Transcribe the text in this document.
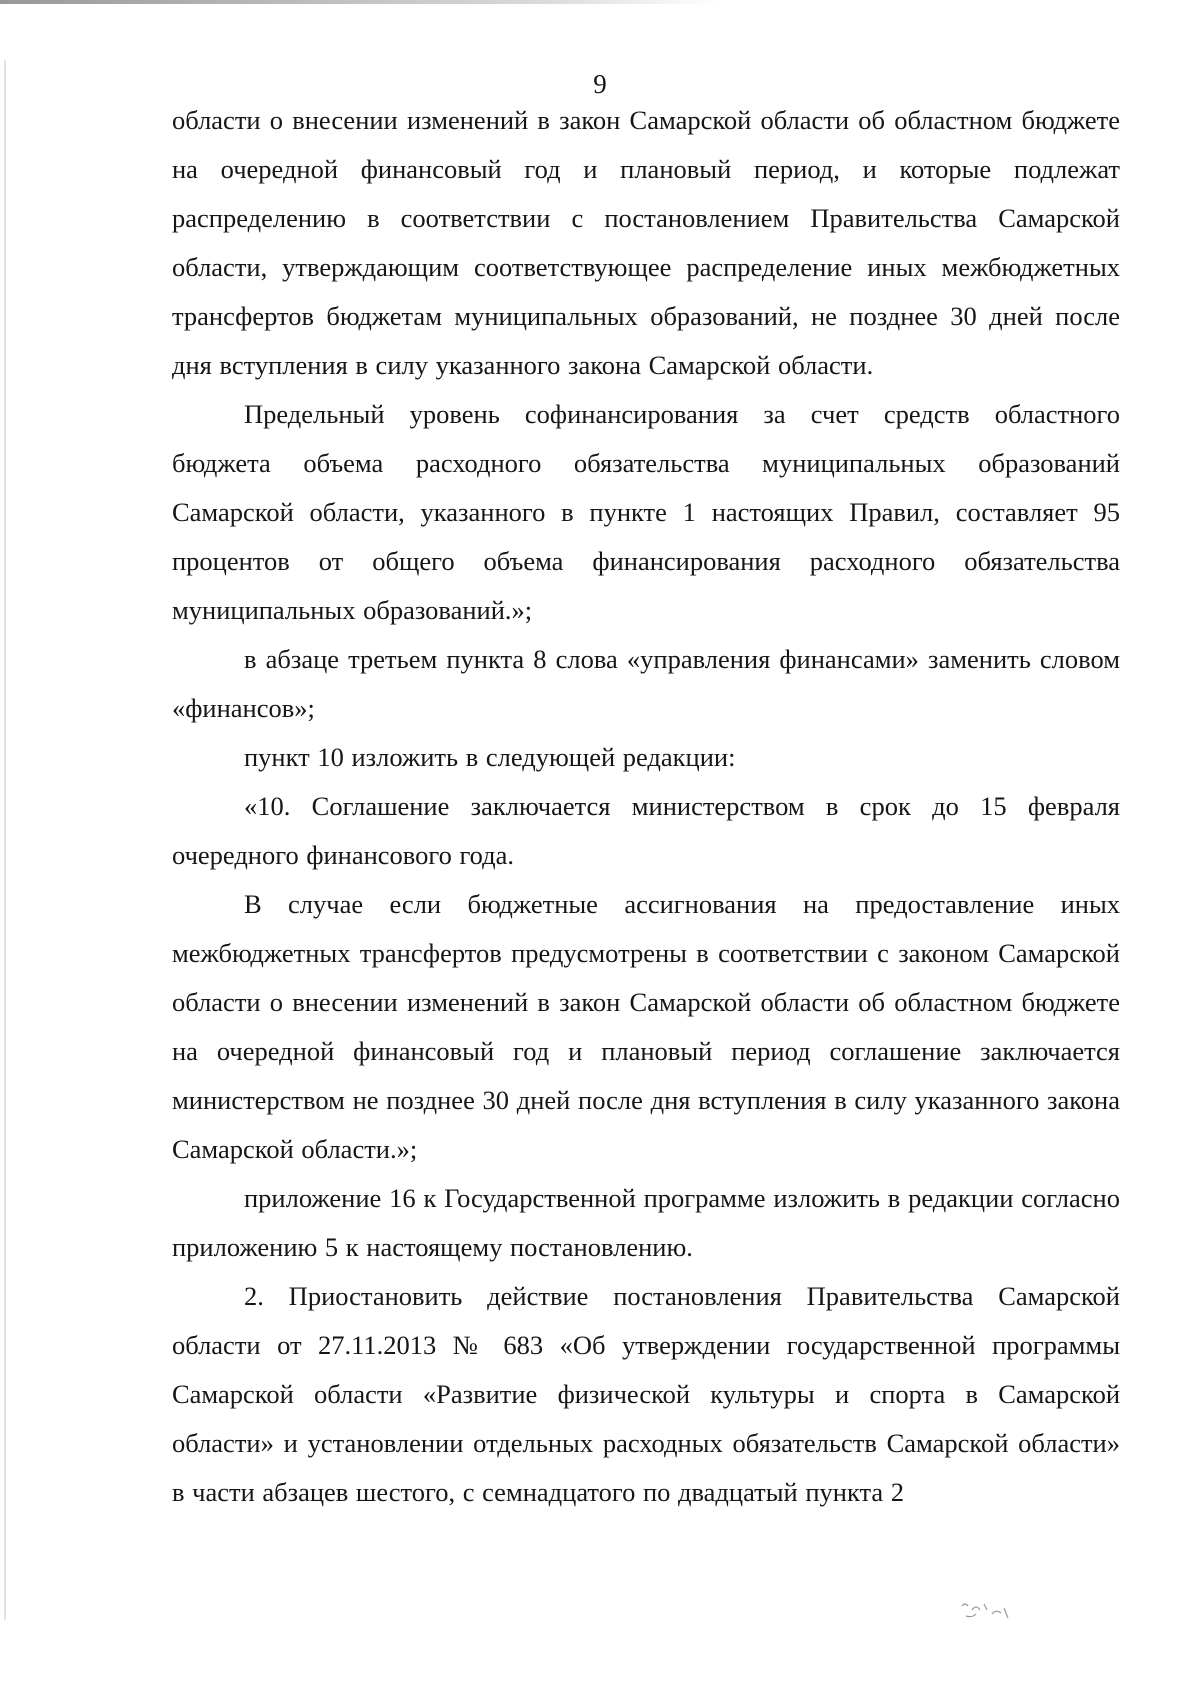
9

области о внесении изменений в закон Самарской области об областном бюджете на очередной финансовый год и плановый период, и которые подлежат распределению в соответствии с постановлением Правительства Самарской области, утверждающим соответствующее распределение иных межбюджетных трансфертов бюджетам муниципальных образований, не позднее 30 дней после дня вступления в силу указанного закона Самарской области.

Предельный уровень софинансирования за счет средств областного бюджета объема расходного обязательства муниципальных образований Самарской области, указанного в пункте 1 настоящих Правил, составляет 95 процентов от общего объема финансирования расходного обязательства муниципальных образований.»;

в абзаце третьем пункта 8 слова «управления финансами» заменить словом «финансов»;

пункт 10 изложить в следующей редакции:

«10. Соглашение заключается министерством в срок до 15 февраля очередного финансового года.

В случае если бюджетные ассигнования на предоставление иных межбюджетных трансфертов предусмотрены в соответствии с законом Самарской области о внесении изменений в закон Самарской области об областном бюджете на очередной финансовый год и плановый период соглашение заключается министерством не позднее 30 дней после дня вступления в силу указанного закона Самарской области.»;

приложение 16 к Государственной программе изложить в редакции согласно приложению 5 к настоящему постановлению.

2. Приостановить действие постановления Правительства Самарской области от 27.11.2013 № 683 «Об утверждении государственной программы Самарской области «Развитие физической культуры и спорта в Самарской области» и установлении отдельных расходных обязательств Самарской области» в части абзацев шестого, с семнадцатого по двадцатый пункта 2
